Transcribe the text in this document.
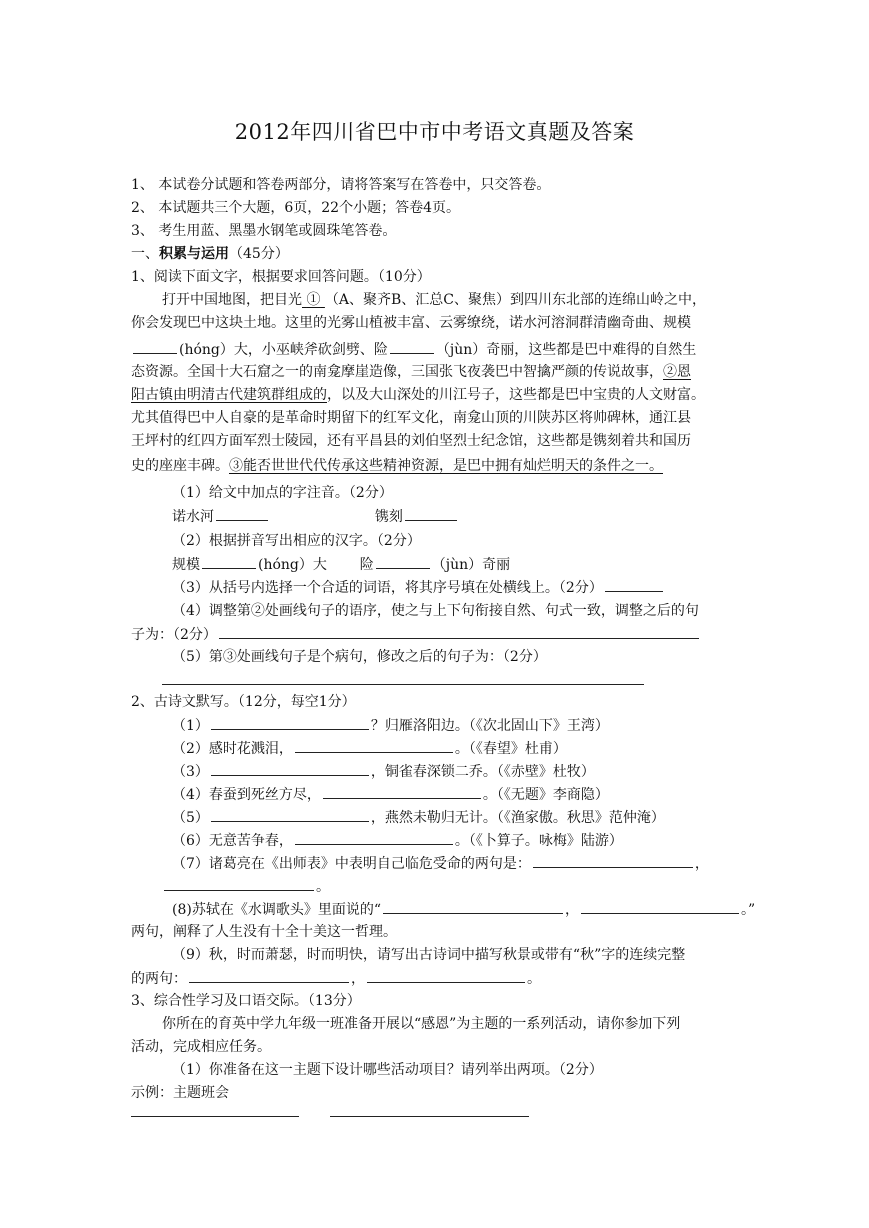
2012年四川省巴中市中考语文真题及答案
1、 本试卷分试题和答卷两部分，请将答案写在答卷中，只交答卷。
2、 本试题共三个大题，6页，22个小题；答卷4页。
3、 考生用蓝、黑墨水钢笔或圆珠笔答卷。
一、积累与运用（45分）
1、阅读下面文字，根据要求回答问题。（10分）
打开中国地图，把目光 ① （A、聚齐B、汇总C、聚焦）到四川东北部的连绵山岭之中，
你会发现巴中这块土地。这里的光雾山植被丰富、云雾缭绕，诺水河溶洞群清幽奇曲、规模
(hóng）大，小巫峡斧砍剑劈、险	（jùn）奇丽，这些都是巴中难得的自然生
态资源。全国十大石窟之一的南龛摩崖造像，三国张飞夜袭巴中智擒严颜的传说故事，②恩
阳古镇由明清古代建筑群组成的，以及大山深处的川江号子，这些都是巴中宝贵的人文财富。
尤其值得巴中人自豪的是革命时期留下的红军文化，南龛山顶的川陕苏区将帅碑林，通江县
王坪村的红四方面军烈士陵园，还有平昌县的刘伯坚烈士纪念馆，这些都是镌刻着共和国历
史的座座丰碑。③能否世世代代传承这些精神资源，是巴中拥有灿烂明天的条件之一。
（1）给文中加点的字注音。（2分）
诺水河	镌刻
（2）根据拼音写出相应的汉字。（2分）
规模	(hóng）大 险	（jùn）奇丽
（3）从括号内选择一个合适的词语，将其序号填在处横线上。（2分）
（4）调整第②处画线句子的语序，使之与上下句衔接自然、句式一致，调整之后的句
子为：（2分）
（5）第③处画线句子是个病句，修改之后的句子为：（2分）
2、古诗文默写。（12分，每空1分）
（1）	？归雁洛阳边。（《次北固山下》王湾）
（2）感时花溅泪，	。（《春望》杜甫）
（3）	，铜雀春深锁二乔。（《赤壁》杜牧）
（4）春蚕到死丝方尽，	。（《无题》李商隐）
（5）	，燕然未勒归无计。（《渔家傲。秋思》范仲淹）
（6）无意苦争春，	。（《卜算子。咏梅》陆游）
（7）诸葛亮在《出师表》中表明自己临危受命的两句是：	，
。
(8)苏轼在《水调歌头》里面说的“	，	。”
两句，阐释了人生没有十全十美这一哲理。
（9）秋，时而萧瑟，时而明快，请写出古诗词中描写秋景或带有“秋”字的连续完整
的两句：	，	。
3、综合性学习及口语交际。（13分）
你所在的育英中学九年级一班准备开展以“感恩”为主题的一系列活动，请你参加下列
活动，完成相应任务。
（1）你准备在这一主题下设计哪些活动项目？请列举出两项。（2分）
示例：主题班会
